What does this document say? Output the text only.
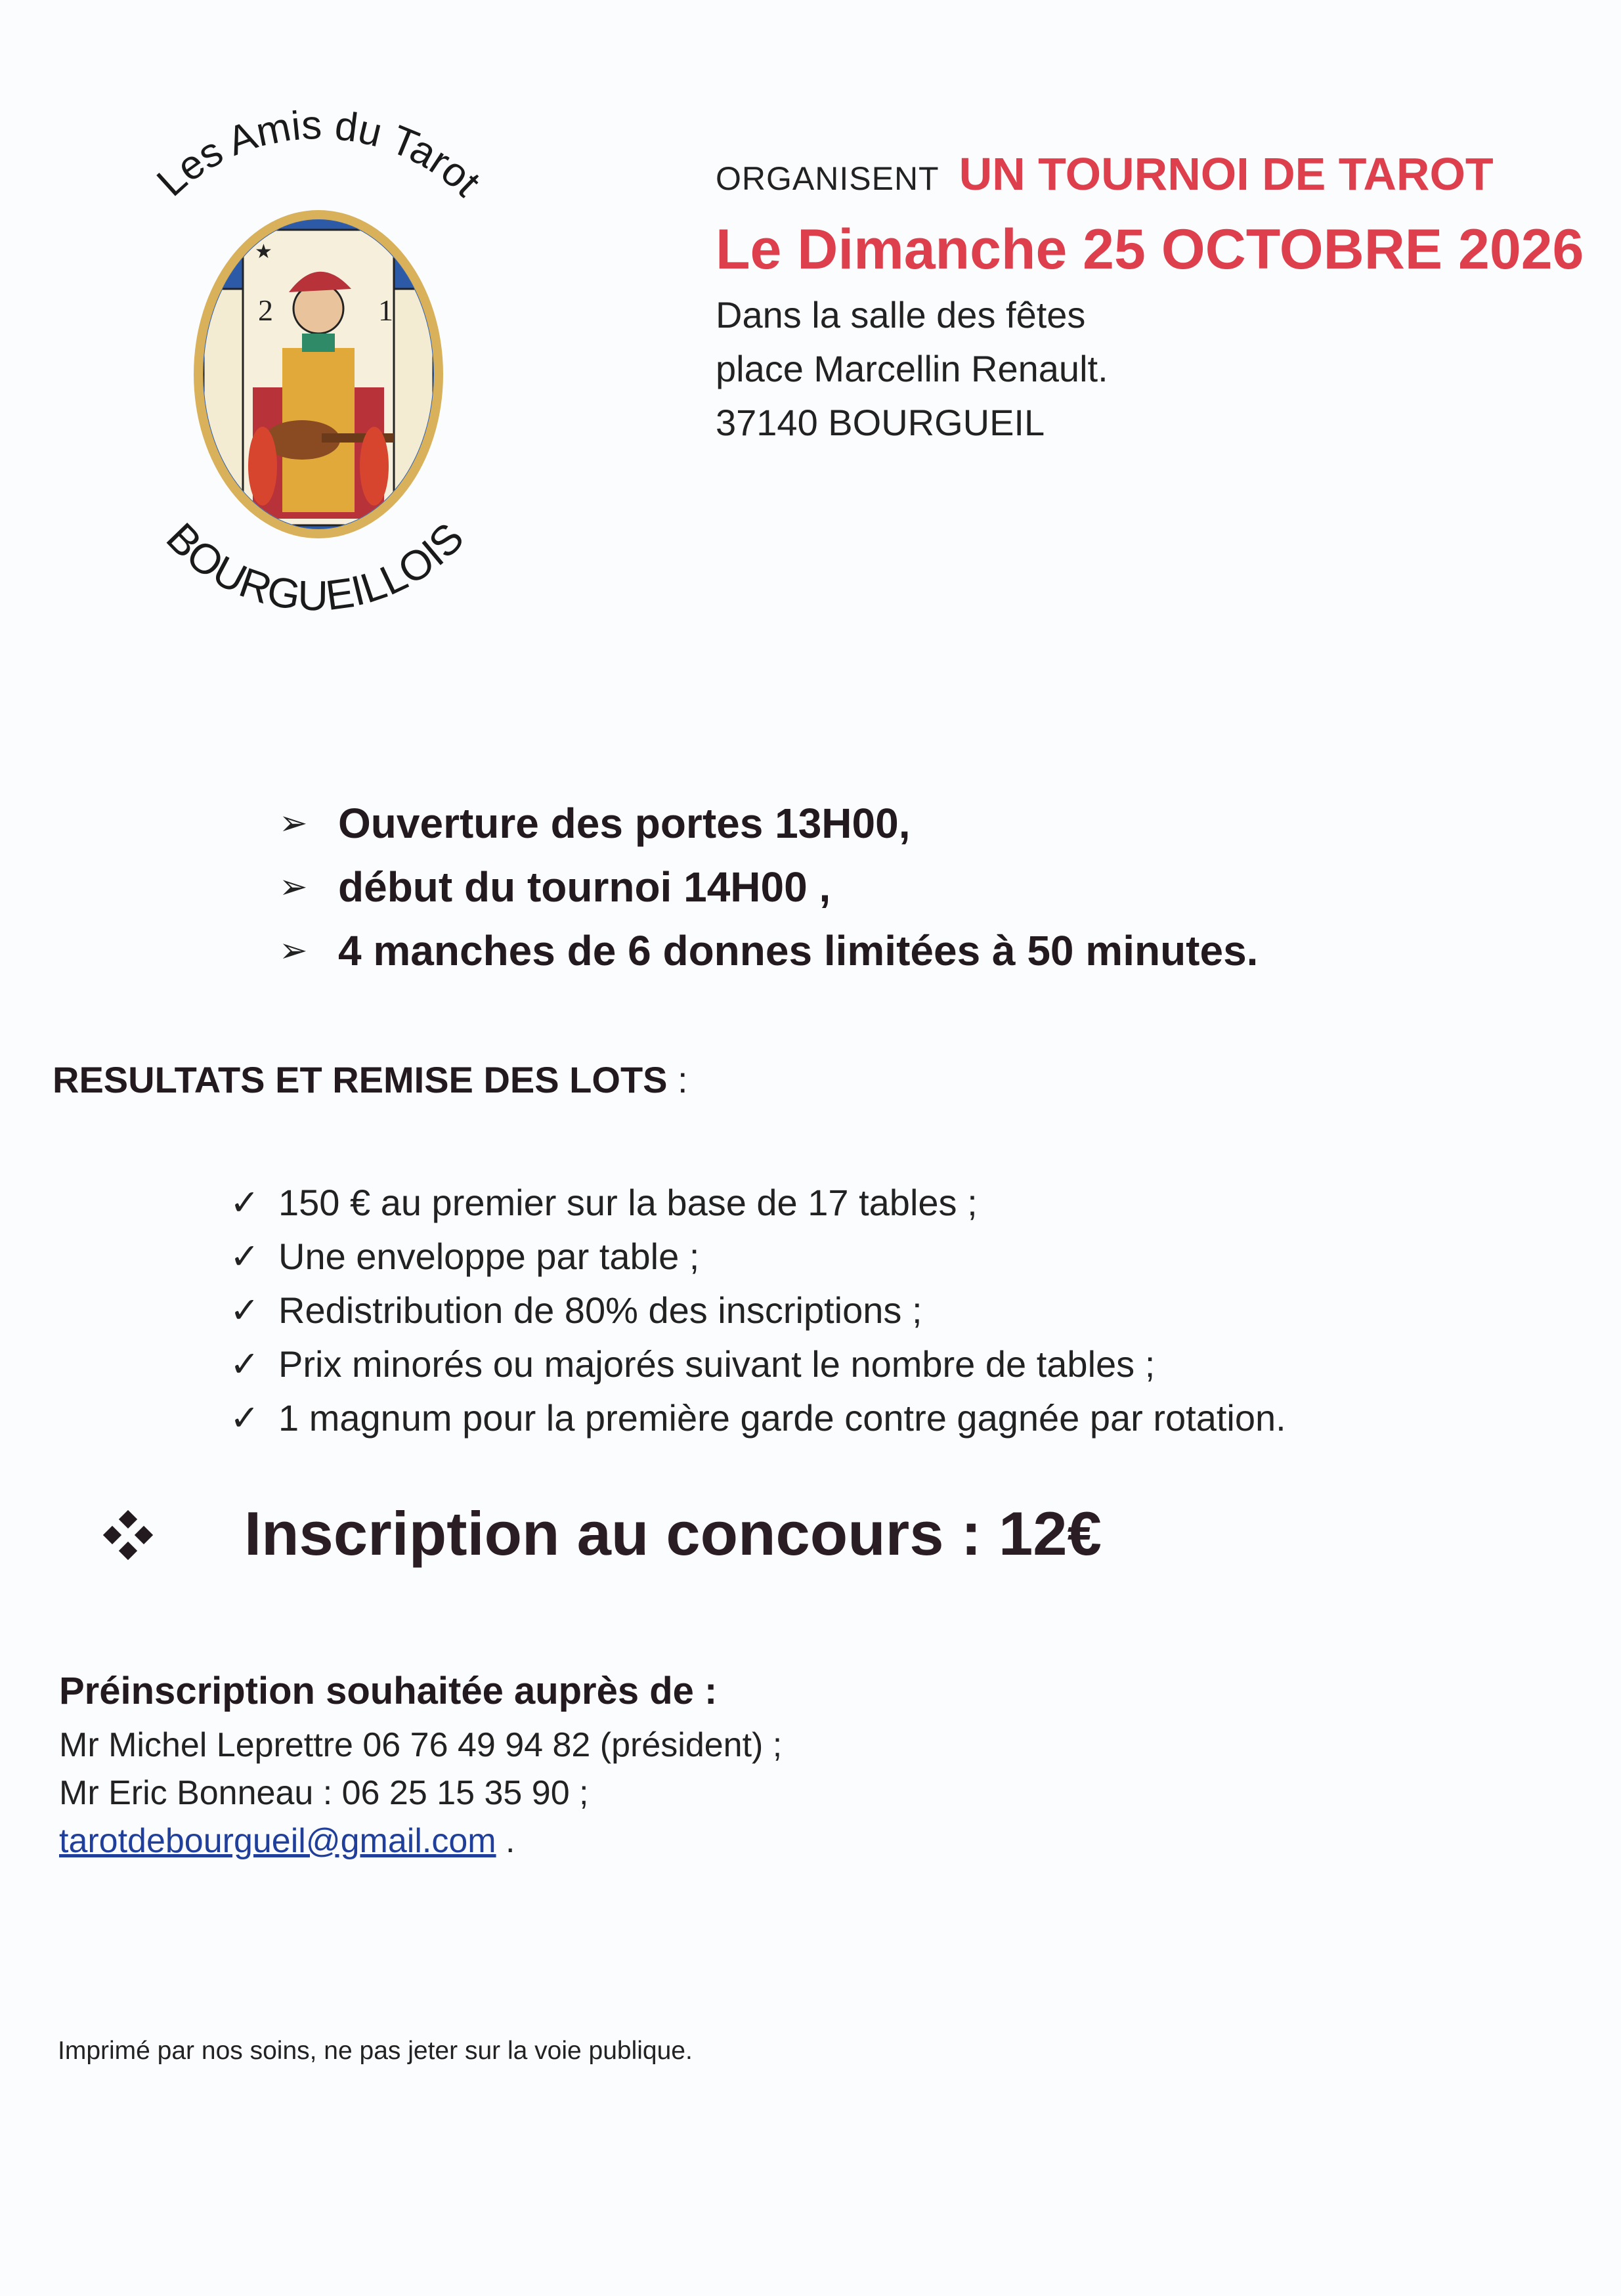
Les Amis du Tarot
2	1
★
BOURGUEILLOIS
ORGANISENT UN TOURNOI DE TAROT
Le Dimanche 25 OCTOBRE 2026
Dans la salle des fêtes
place Marcellin Renault.
37140 BOURGUEIL
➢ Ouverture des portes 13H00,
➢ début du tournoi 14H00 ,
➢ 4 manches de 6 donnes limitées à 50 minutes.
RESULTATS ET REMISE DES LOTS :
✓ 150 € au premier sur la base de 17 tables ;
✓ Une enveloppe par table ;
✓ Redistribution de 80% des inscriptions ;
✓ Prix minorés ou majorés suivant le nombre de tables ;
✓ 1 magnum pour la première garde contre gagnée par rotation.
Inscription au concours : 12€
Préinscription souhaitée auprès de :
Mr Michel Leprettre 06 76 49 94 82 (président) ;
Mr Eric Bonneau : 06 25 15 35 90 ;
tarotdebourgueil@gmail.com .
Imprimé par nos soins, ne pas jeter sur la voie publique.
